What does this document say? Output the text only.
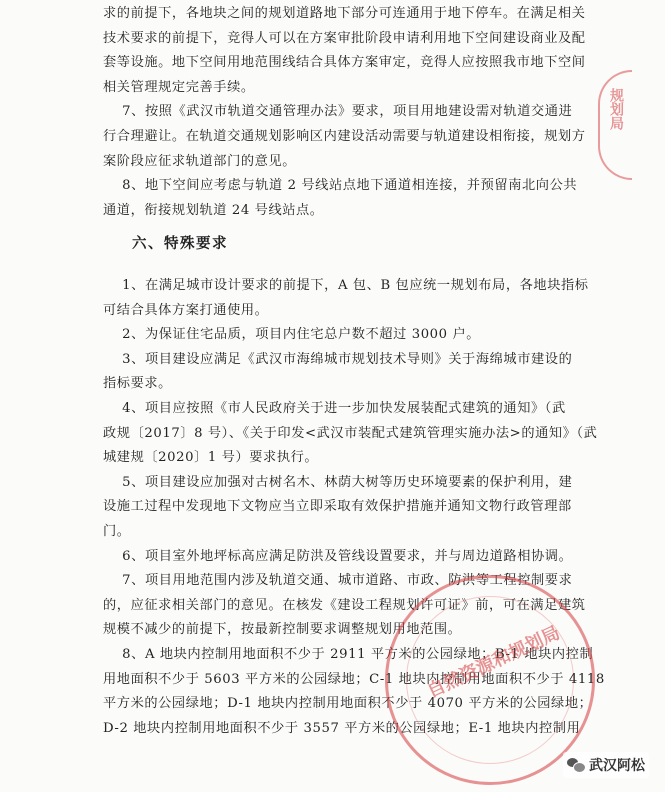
求的前提下，各地块之间的规划道路地下部分可连通用于地下停车。在满足相关
技术要求的前提下，竞得人可以在方案审批阶段申请利用地下空间建设商业及配
套等设施。地下空间用地范围线结合具体方案审定，竞得人应按照我市地下空间
相关管理规定完善手续。
7、按照《武汉市轨道交通管理办法》要求，项目用地建设需对轨道交通进
行合理避让。在轨道交通规划影响区内建设活动需要与轨道建设相衔接，规划方
案阶段应征求轨道部门的意见。
8、地下空间应考虑与轨道 2 号线站点地下通道相连接，并预留南北向公共
通道，衔接规划轨道 24 号线站点。
六、特殊要求
1、在满足城市设计要求的前提下，A 包、B 包应统一规划布局，各地块指标
可结合具体方案打通使用。
2、为保证住宅品质，项目内住宅总户数不超过 3000 户。
3、项目建设应满足《武汉市海绵城市规划技术导则》关于海绵城市建设的
指标要求。
4、项目应按照《市人民政府关于进一步加快发展装配式建筑的通知》（武
政规〔2017〕8 号）、《关于印发<武汉市装配式建筑管理实施办法>的通知》（武
城建规〔2020〕1 号）要求执行。
5、项目建设应加强对古树名木、林荫大树等历史环境要素的保护利用，建
设施工过程中发现地下文物应当立即采取有效保护措施并通知文物行政管理部
门。
6、项目室外地坪标高应满足防洪及管线设置要求，并与周边道路相协调。
7、项目用地范围内涉及轨道交通、城市道路、市政、防洪等工程控制要求
的，应征求相关部门的意见。在核发《建设工程规划许可证》前，可在满足建筑
规模不减少的前提下，按最新控制要求调整规划用地范围。
8、A 地块内控制用地面积不少于 2911 平方米的公园绿地；B-1 地块内控制
用地面积不少于 5603 平方米的公园绿地；C-1 地块内控制用地面积不少于 4118
平方米的公园绿地；D-1 地块内控制用地面积不少于 4070 平方米的公园绿地；
D-2 地块内控制用地面积不少于 3557 平方米的公园绿地；E-1 地块内控制用
规划局
自然资源和规划局
武汉阿松
